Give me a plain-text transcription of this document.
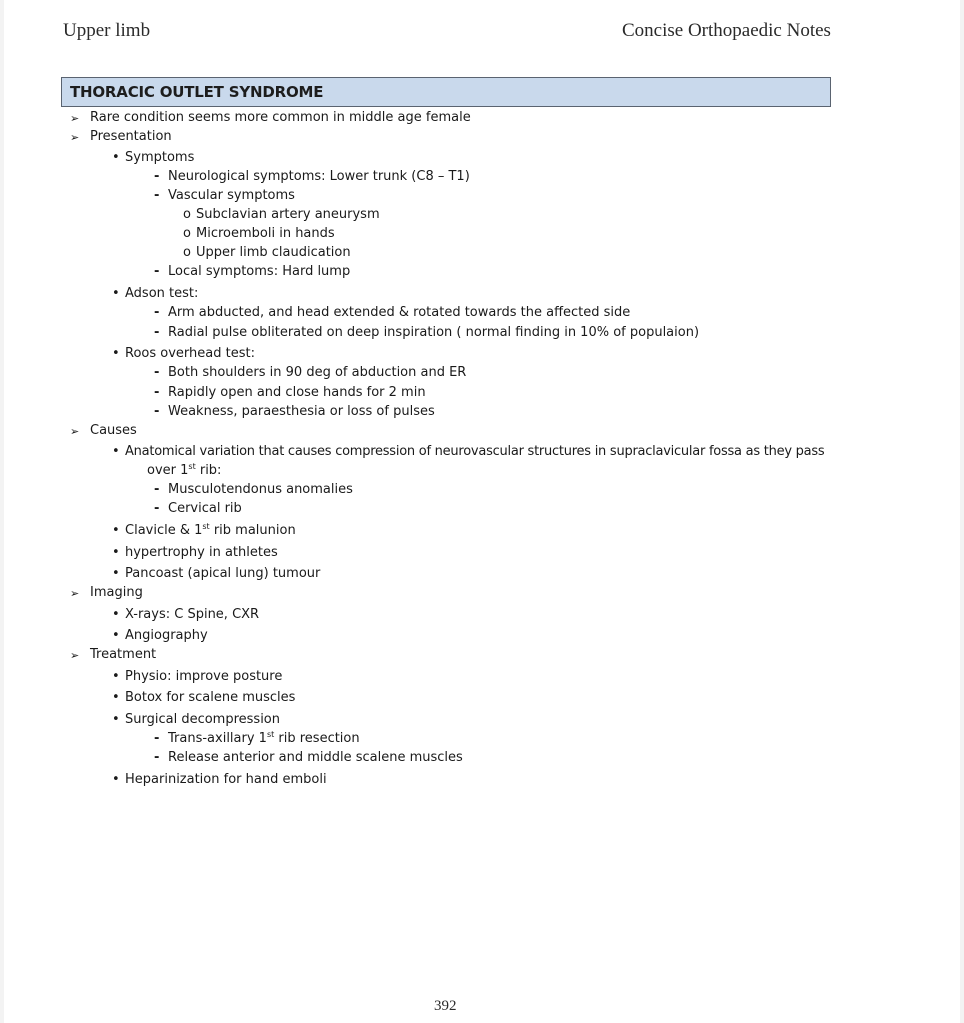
Upper limb	Concise Orthopaedic Notes
THORACIC OUTLET SYNDROME
➢ Rare condition seems more common in middle age female
➢ Presentation
• Symptoms
- Neurological symptoms: Lower trunk (C8 – T1)
- Vascular symptoms
o Subclavian artery aneurysm
o Microemboli in hands
o Upper limb claudication
- Local symptoms: Hard lump
• Adson test:
- Arm abducted, and head extended & rotated towards the affected side
- Radial pulse obliterated on deep inspiration ( normal finding in 10% of populaion)
• Roos overhead test:
- Both shoulders in 90 deg of abduction and ER
- Rapidly open and close hands for 2 min
- Weakness, paraesthesia or loss of pulses
➢ Causes
• Anatomical variation that causes compression of neurovascular structures in supraclavicular fossa as they pass
over 1st rib:
- Musculotendonus anomalies
- Cervical rib
• Clavicle & 1st rib malunion
• hypertrophy in athletes
• Pancoast (apical lung) tumour
➢ Imaging
• X-rays: C Spine, CXR
• Angiography
➢ Treatment
• Physio: improve posture
• Botox for scalene muscles
• Surgical decompression
- Trans-axillary 1st rib resection
- Release anterior and middle scalene muscles
• Heparinization for hand emboli
392
